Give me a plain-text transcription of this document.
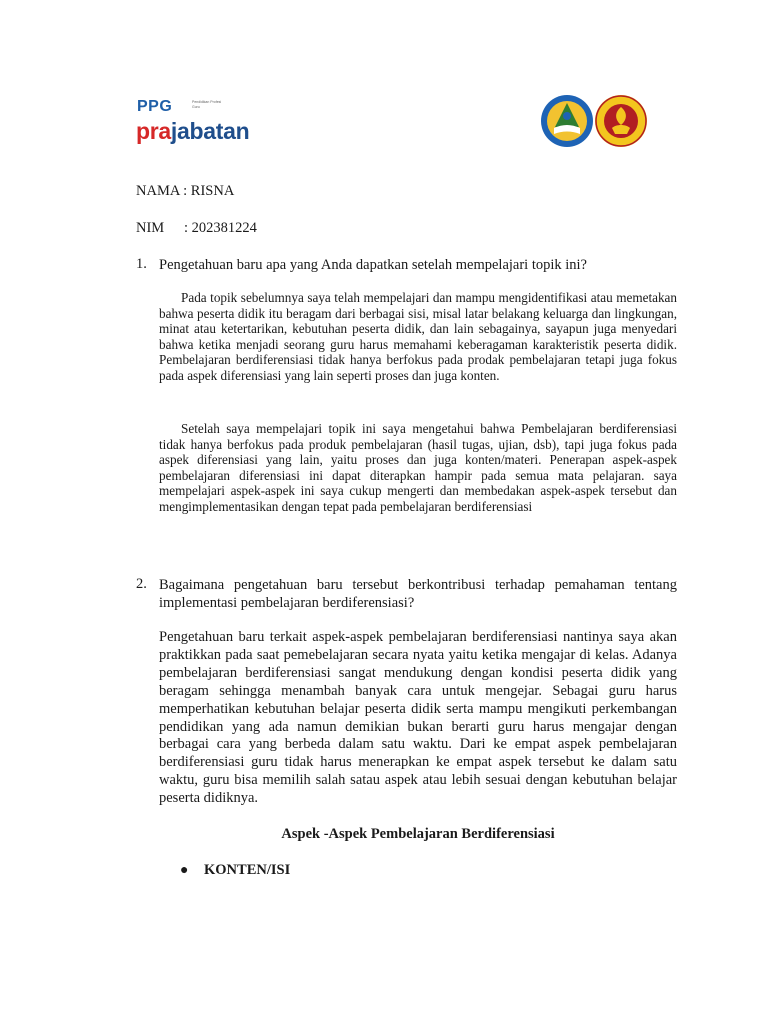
PPG	Pendidikan Profesi Guru
prajabatan
NAMA : RISNA
NIM : 202381224
1. Pengetahuan baru apa yang Anda dapatkan setelah mempelajari topik ini?
Pada topik sebelumnya saya telah mempelajari dan mampu mengidentifikasi atau memetakan bahwa peserta didik itu beragam dari berbagai sisi, misal latar belakang keluarga dan lingkungan, minat atau ketertarikan, kebutuhan peserta didik, dan lain sebagainya, sayapun juga menyedari bahwa ketika menjadi seorang guru harus memahami keberagaman karakteristik peserta didik. Pembelajaran berdiferensiasi tidak hanya berfokus pada prodak pembelajaran tetapi juga fokus pada aspek diferensiasi yang lain seperti proses dan juga konten.
Setelah saya mempelajari topik ini saya mengetahui bahwa Pembelajaran berdiferensiasi tidak hanya berfokus pada produk pembelajaran (hasil tugas, ujian, dsb), tapi juga fokus pada aspek diferensiasi yang lain, yaitu proses dan juga konten/materi. Penerapan aspek-aspek pembelajaran diferensiasi ini dapat diterapkan hampir pada semua mata pelajaran. saya mempelajari aspek-aspek ini saya cukup mengerti dan membedakan aspek-aspek tersebut dan mengimplementasikan dengan tepat pada pembelajaran berdiferensiasi
2. Bagaimana pengetahuan baru tersebut berkontribusi terhadap pemahaman tentang implementasi pembelajaran berdiferensiasi?
Pengetahuan baru terkait aspek-aspek pembelajaran berdiferensiasi nantinya saya akan praktikkan pada saat pemebelajaran secara nyata yaitu ketika mengajar di kelas. Adanya pembelajaran berdiferensiasi sangat mendukung dengan kondisi peserta didik yang beragam sehingga menambah banyak cara untuk mengejar. Sebagai guru harus memperhatikan kebutuhan belajar peserta didik serta mampu mengikuti perkembangan pendidikan yang ada namun demikian bukan berarti guru harus mengajar dengan berbagai cara yang berbeda dalam satu waktu. Dari ke empat aspek pembelajaran berdiferensiasi guru tidak harus menerapkan ke empat aspek tersebut ke dalam satu waktu, guru bisa memilih salah satau aspek atau lebih sesuai dengan kebutuhan belajar peserta didiknya.
Aspek -Aspek Pembelajaran Berdiferensiasi
● KONTEN/ISI
